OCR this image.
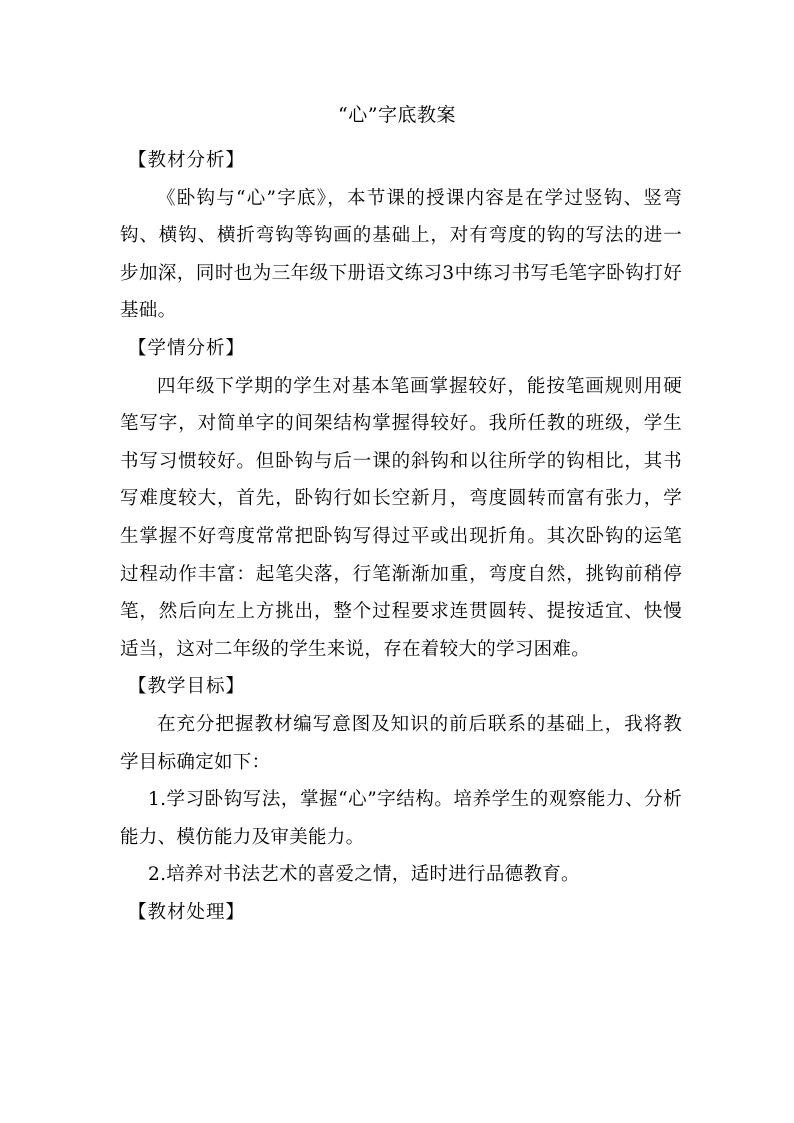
“心”字底教案

【教材分析】

《卧钩与“心”字底》，本节课的授课内容是在学过竖钩、竖弯钩、横钩、横折弯钩等钩画的基础上，对有弯度的钩的写法的进一步加深，同时也为三年级下册语文练习3中练习书写毛笔字卧钩打好基础。

【学情分析】

四年级下学期的学生对基本笔画掌握较好，能按笔画规则用硬笔写字，对简单字的间架结构掌握得较好。我所任教的班级，学生书写习惯较好。但卧钩与后一课的斜钩和以往所学的钩相比，其书写难度较大，首先，卧钩行如长空新月，弯度圆转而富有张力，学生掌握不好弯度常常把卧钩写得过平或出现折角。其次卧钩的运笔过程动作丰富：起笔尖落，行笔渐渐加重，弯度自然，挑钩前稍停笔，然后向左上方挑出，整个过程要求连贯圆转、提按适宜、快慢适当，这对二年级的学生来说，存在着较大的学习困难。

【教学目标】

在充分把握教材编写意图及知识的前后联系的基础上，我将教学目标确定如下：

1.学习卧钩写法，掌握“心”字结构。培养学生的观察能力、分析能力、模仿能力及审美能力。

2.培养对书法艺术的喜爱之情，适时进行品德教育。

【教材处理】
